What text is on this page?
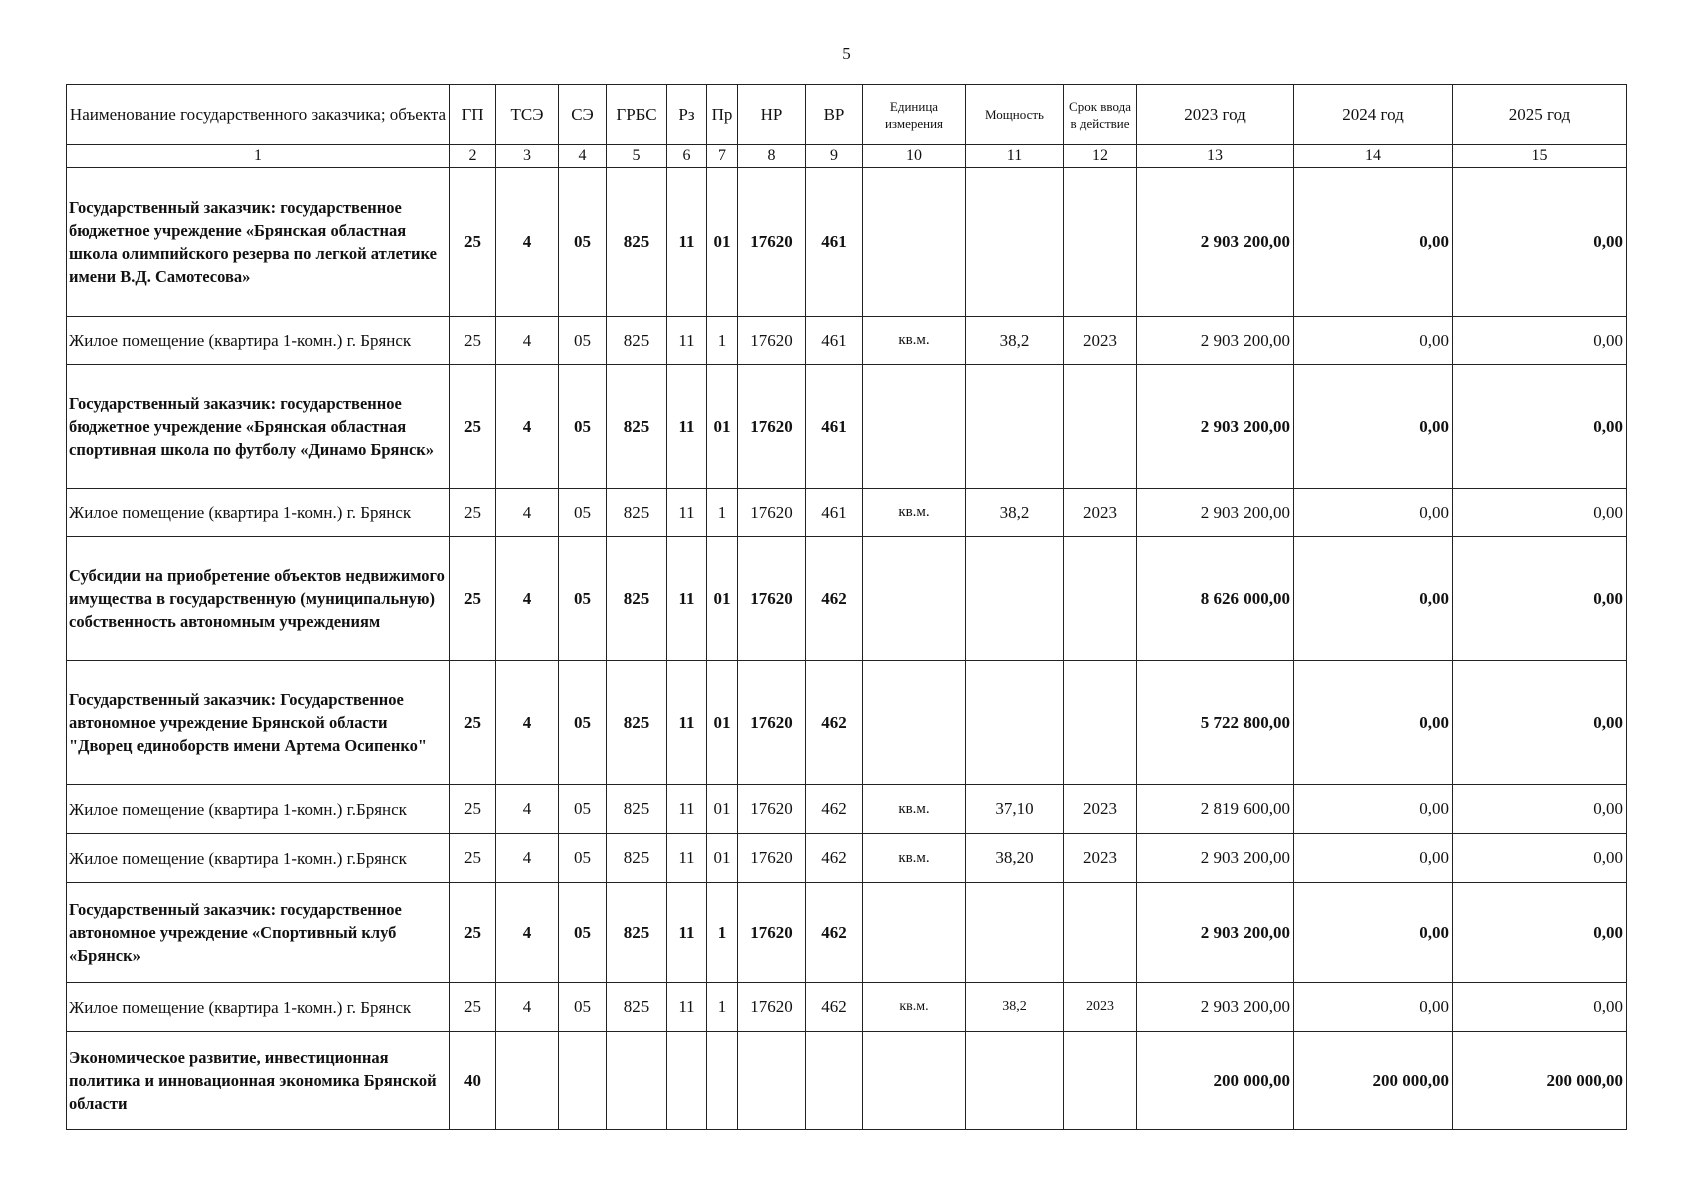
5
Наименование государственного заказчика; объекта	ГП	ТСЭ	СЭ	ГРБС	Рз	Пр	НР	ВР	Единица измерения	Мощность	Срок ввода в действие	2023 год	2024 год	2025 год
1	2	3	4	5	6	7	8	9	10	11	12	13	14	15
Государственный заказчик: государственное бюджетное учреждение «Брянская областная школа олимпийского резерва по легкой атлетике имени В.Д. Самотесова»	25	4	05	825	11	01	17620	461				2 903 200,00	0,00	0,00
Жилое помещение (квартира 1-комн.) г. Брянск	25	4	05	825	11	1	17620	461	кв.м.	38,2	2023	2 903 200,00	0,00	0,00
Государственный заказчик: государственное бюджетное учреждение «Брянская областная спортивная школа по футболу «Динамо Брянск»	25	4	05	825	11	01	17620	461				2 903 200,00	0,00	0,00
Жилое помещение (квартира 1-комн.) г. Брянск	25	4	05	825	11	1	17620	461	кв.м.	38,2	2023	2 903 200,00	0,00	0,00
Субсидии на приобретение объектов недвижимого имущества в государственную (муниципальную) собственность автономным учреждениям	25	4	05	825	11	01	17620	462				8 626 000,00	0,00	0,00
Государственный заказчик: Государственное автономное учреждение Брянской области "Дворец единоборств имени Артема Осипенко"	25	4	05	825	11	01	17620	462				5 722 800,00	0,00	0,00
Жилое помещение (квартира 1-комн.) г.Брянск	25	4	05	825	11	01	17620	462	кв.м.	37,10	2023	2 819 600,00	0,00	0,00
Жилое помещение (квартира 1-комн.) г.Брянск	25	4	05	825	11	01	17620	462	кв.м.	38,20	2023	2 903 200,00	0,00	0,00
Государственный заказчик: государственное автономное учреждение «Спортивный клуб «Брянск»	25	4	05	825	11	1	17620	462				2 903 200,00	0,00	0,00
Жилое помещение (квартира 1-комн.) г. Брянск	25	4	05	825	11	1	17620	462	кв.м.	38,2	2023	2 903 200,00	0,00	0,00
Экономическое развитие, инвестиционная политика и инновационная экономика Брянской области	40											200 000,00	200 000,00	200 000,00
